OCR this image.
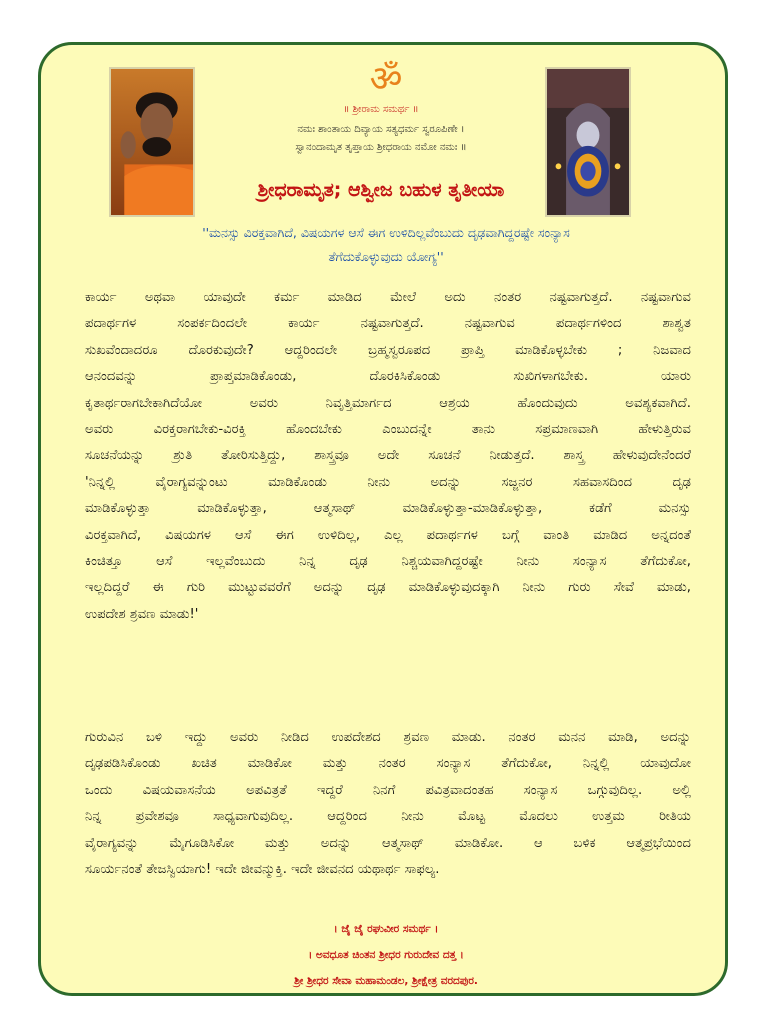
ॐ
॥ ಶ್ರೀರಾಮ ಸಮರ್ಥ ॥
ನಮಃ ಶಾಂತಾಯ ದಿವ್ಯಾಯ ಸತ್ಯಧರ್ಮ ಸ್ವರೂಪಿಣೇ ।
ಸ್ವಾನಂದಾಮೃತ ತೃಪ್ತಾಯ ಶ್ರೀಧರಾಯ ನಮೋ ನಮಃ ॥
ಶ್ರೀಧರಾಮೃತ; ಆಶ್ವೀಜ ಬಹುಳ ತೃತೀಯಾ
''ಮನಸ್ಸು ವಿರಕ್ತವಾಗಿದೆ, ವಿಷಯಗಳ ಆಸೆ ಈಗ ಉಳಿದಿಲ್ಲವೆಂಬುದು ದೃಢವಾಗಿದ್ದರಷ್ಟೇ ಸಂನ್ಯಾಸ
ತೆಗೆದುಕೊಳ್ಳುವುದು ಯೋಗ್ಯ''
ಕಾರ್ಯ ಅಥವಾ ಯಾವುದೇ ಕರ್ಮ ಮಾಡಿದ ಮೇಲೆ ಅದು ನಂತರ ನಷ್ಟವಾಗುತ್ತದೆ. ನಷ್ಟವಾಗುವ
ಪದಾರ್ಥಗಳ ಸಂಪರ್ಕದಿಂದಲೇ ಕಾರ್ಯ ನಷ್ಟವಾಗುತ್ತದೆ. ನಷ್ಟವಾಗುವ ಪದಾರ್ಥಗಳಿಂದ ಶಾಶ್ವತ
ಸುಖವೆಂದಾದರೂ ದೊರಕುವುದೇ? ಆದ್ದರಿಂದಲೇ ಬ್ರಹ್ಮಸ್ವರೂಪದ ಪ್ರಾಪ್ತಿ ಮಾಡಿಕೊಳ್ಳಬೇಕು ; ನಿಜವಾದ
ಆನಂದವನ್ನು ಪ್ರಾಪ್ತಮಾಡಿಕೊಂಡು, ದೊರಕಿಸಿಕೊಂಡು ಸುಖಿಗಳಾಗಬೇಕು. ಯಾರು
ಕೃತಾರ್ಥರಾಗಬೇಕಾಗಿದೆಯೋ ಅವರು ನಿವೃತ್ತಿಮಾರ್ಗದ ಆಶ್ರಯ ಹೊಂದುವುದು ಅವಶ್ಯಕವಾಗಿದೆ.
ಅವರು ವಿರಕ್ತರಾಗಬೇಕು-ವಿರಕ್ತಿ ಹೊಂದಬೇಕು ಎಂಬುದನ್ನೇ ತಾನು ಸಪ್ರಮಾಣವಾಗಿ ಹೇಳುತ್ತಿರುವ
ಸೂಚನೆಯನ್ನು ಶ್ರುತಿ ತೋರಿಸುತ್ತಿದ್ದು, ಶಾಸ್ತ್ರವೂ ಅದೇ ಸೂಚನೆ ನೀಡುತ್ತದೆ. ಶಾಸ್ತ್ರ ಹೇಳುವುದೇನೆಂದರೆ
'ನಿನ್ನಲ್ಲಿ ವೈರಾಗ್ಯವನ್ನುಂಟು ಮಾಡಿಕೊಂಡು ನೀನು ಅದನ್ನು ಸಜ್ಜನರ ಸಹವಾಸದಿಂದ ದೃಢ
ಮಾಡಿಕೊಳ್ಳುತ್ತಾ ಮಾಡಿಕೊಳ್ಳುತ್ತಾ, ಆತ್ಮಸಾಥ್ ಮಾಡಿಕೊಳ್ಳುತ್ತಾ-ಮಾಡಿಕೊಳ್ಳುತ್ತಾ, ಕಡೆಗೆ ಮನಸ್ಸು
ವಿರಕ್ತವಾಗಿದೆ, ವಿಷಯಗಳ ಆಸೆ ಈಗ ಉಳಿದಿಲ್ಲ, ಎಲ್ಲ ಪದಾರ್ಥಗಳ ಬಗ್ಗೆ ವಾಂತಿ ಮಾಡಿದ ಅನ್ನದಂತೆ
ಕಿಂಚಿತ್ತೂ ಆಸೆ ಇಲ್ಲವೆಂಬುದು ನಿನ್ನ ದೃಢ ನಿಶ್ಚಯವಾಗಿದ್ದರಷ್ಟೇ ನೀನು ಸಂನ್ಯಾಸ ತೆಗೆದುಕೋ,
ಇಲ್ಲದಿದ್ದರೆ ಈ ಗುರಿ ಮುಟ್ಟುವವರೆಗೆ ಅದನ್ನು ದೃಢ ಮಾಡಿಕೊಳ್ಳುವುದಕ್ಕಾಗಿ ನೀನು ಗುರು ಸೇವೆ ಮಾಡು,
ಉಪದೇಶ ಶ್ರವಣ ಮಾಡು!'
ಗುರುವಿನ ಬಳಿ ಇದ್ದು ಅವರು ನೀಡಿದ ಉಪದೇಶದ ಶ್ರವಣ ಮಾಡು. ನಂತರ ಮನನ ಮಾಡಿ, ಅದನ್ನು
ದೃಢಪಡಿಸಿಕೊಂಡು ಖಚಿತ ಮಾಡಿಕೋ ಮತ್ತು ನಂತರ ಸಂನ್ಯಾಸ ತೆಗೆದುಕೋ, ನಿನ್ನಲ್ಲಿ ಯಾವುದೋ
ಒಂದು ವಿಷಯವಾಸನೆಯ ಅಪವಿತ್ರತೆ ಇದ್ದರೆ ನಿನಗೆ ಪವಿತ್ರವಾದಂತಹ ಸಂನ್ಯಾಸ ಒಗ್ಗುವುದಿಲ್ಲ. ಅಲ್ಲಿ
ನಿನ್ನ ಪ್ರವೇಶವೂ ಸಾಧ್ಯವಾಗುವುದಿಲ್ಲ. ಆದ್ದರಿಂದ ನೀನು ಮೊಟ್ಟ ಮೊದಲು ಉತ್ತಮ ರೀತಿಯ
ವೈರಾಗ್ಯವನ್ನು ಮೈಗೂಡಿಸಿಕೋ ಮತ್ತು ಅದನ್ನು ಆತ್ಮಸಾಥ್ ಮಾಡಿಕೋ. ಆ ಬಳಿಕ ಆತ್ಮಪ್ರಭೆಯಿಂದ
ಸೂರ್ಯನಂತೆ ತೇಜಸ್ವಿಯಾಗು! ಇದೇ ಜೀವನ್ಮುಕ್ತಿ. ಇದೇ ಜೀವನದ ಯಥಾರ್ಥ ಸಾಫಲ್ಯ.
। ಜೈ ಜೈ ರಘುವೀರ ಸಮರ್ಥ ।
। ಅವಧೂತ ಚಿಂತನ ಶ್ರೀಧರ ಗುರುದೇವ ದತ್ತ ।
ಶ್ರೀ ಶ್ರೀಧರ ಸೇವಾ ಮಹಾಮಂಡಲ, ಶ್ರೀಕ್ಷೇತ್ರ ವರದಪುರ.
